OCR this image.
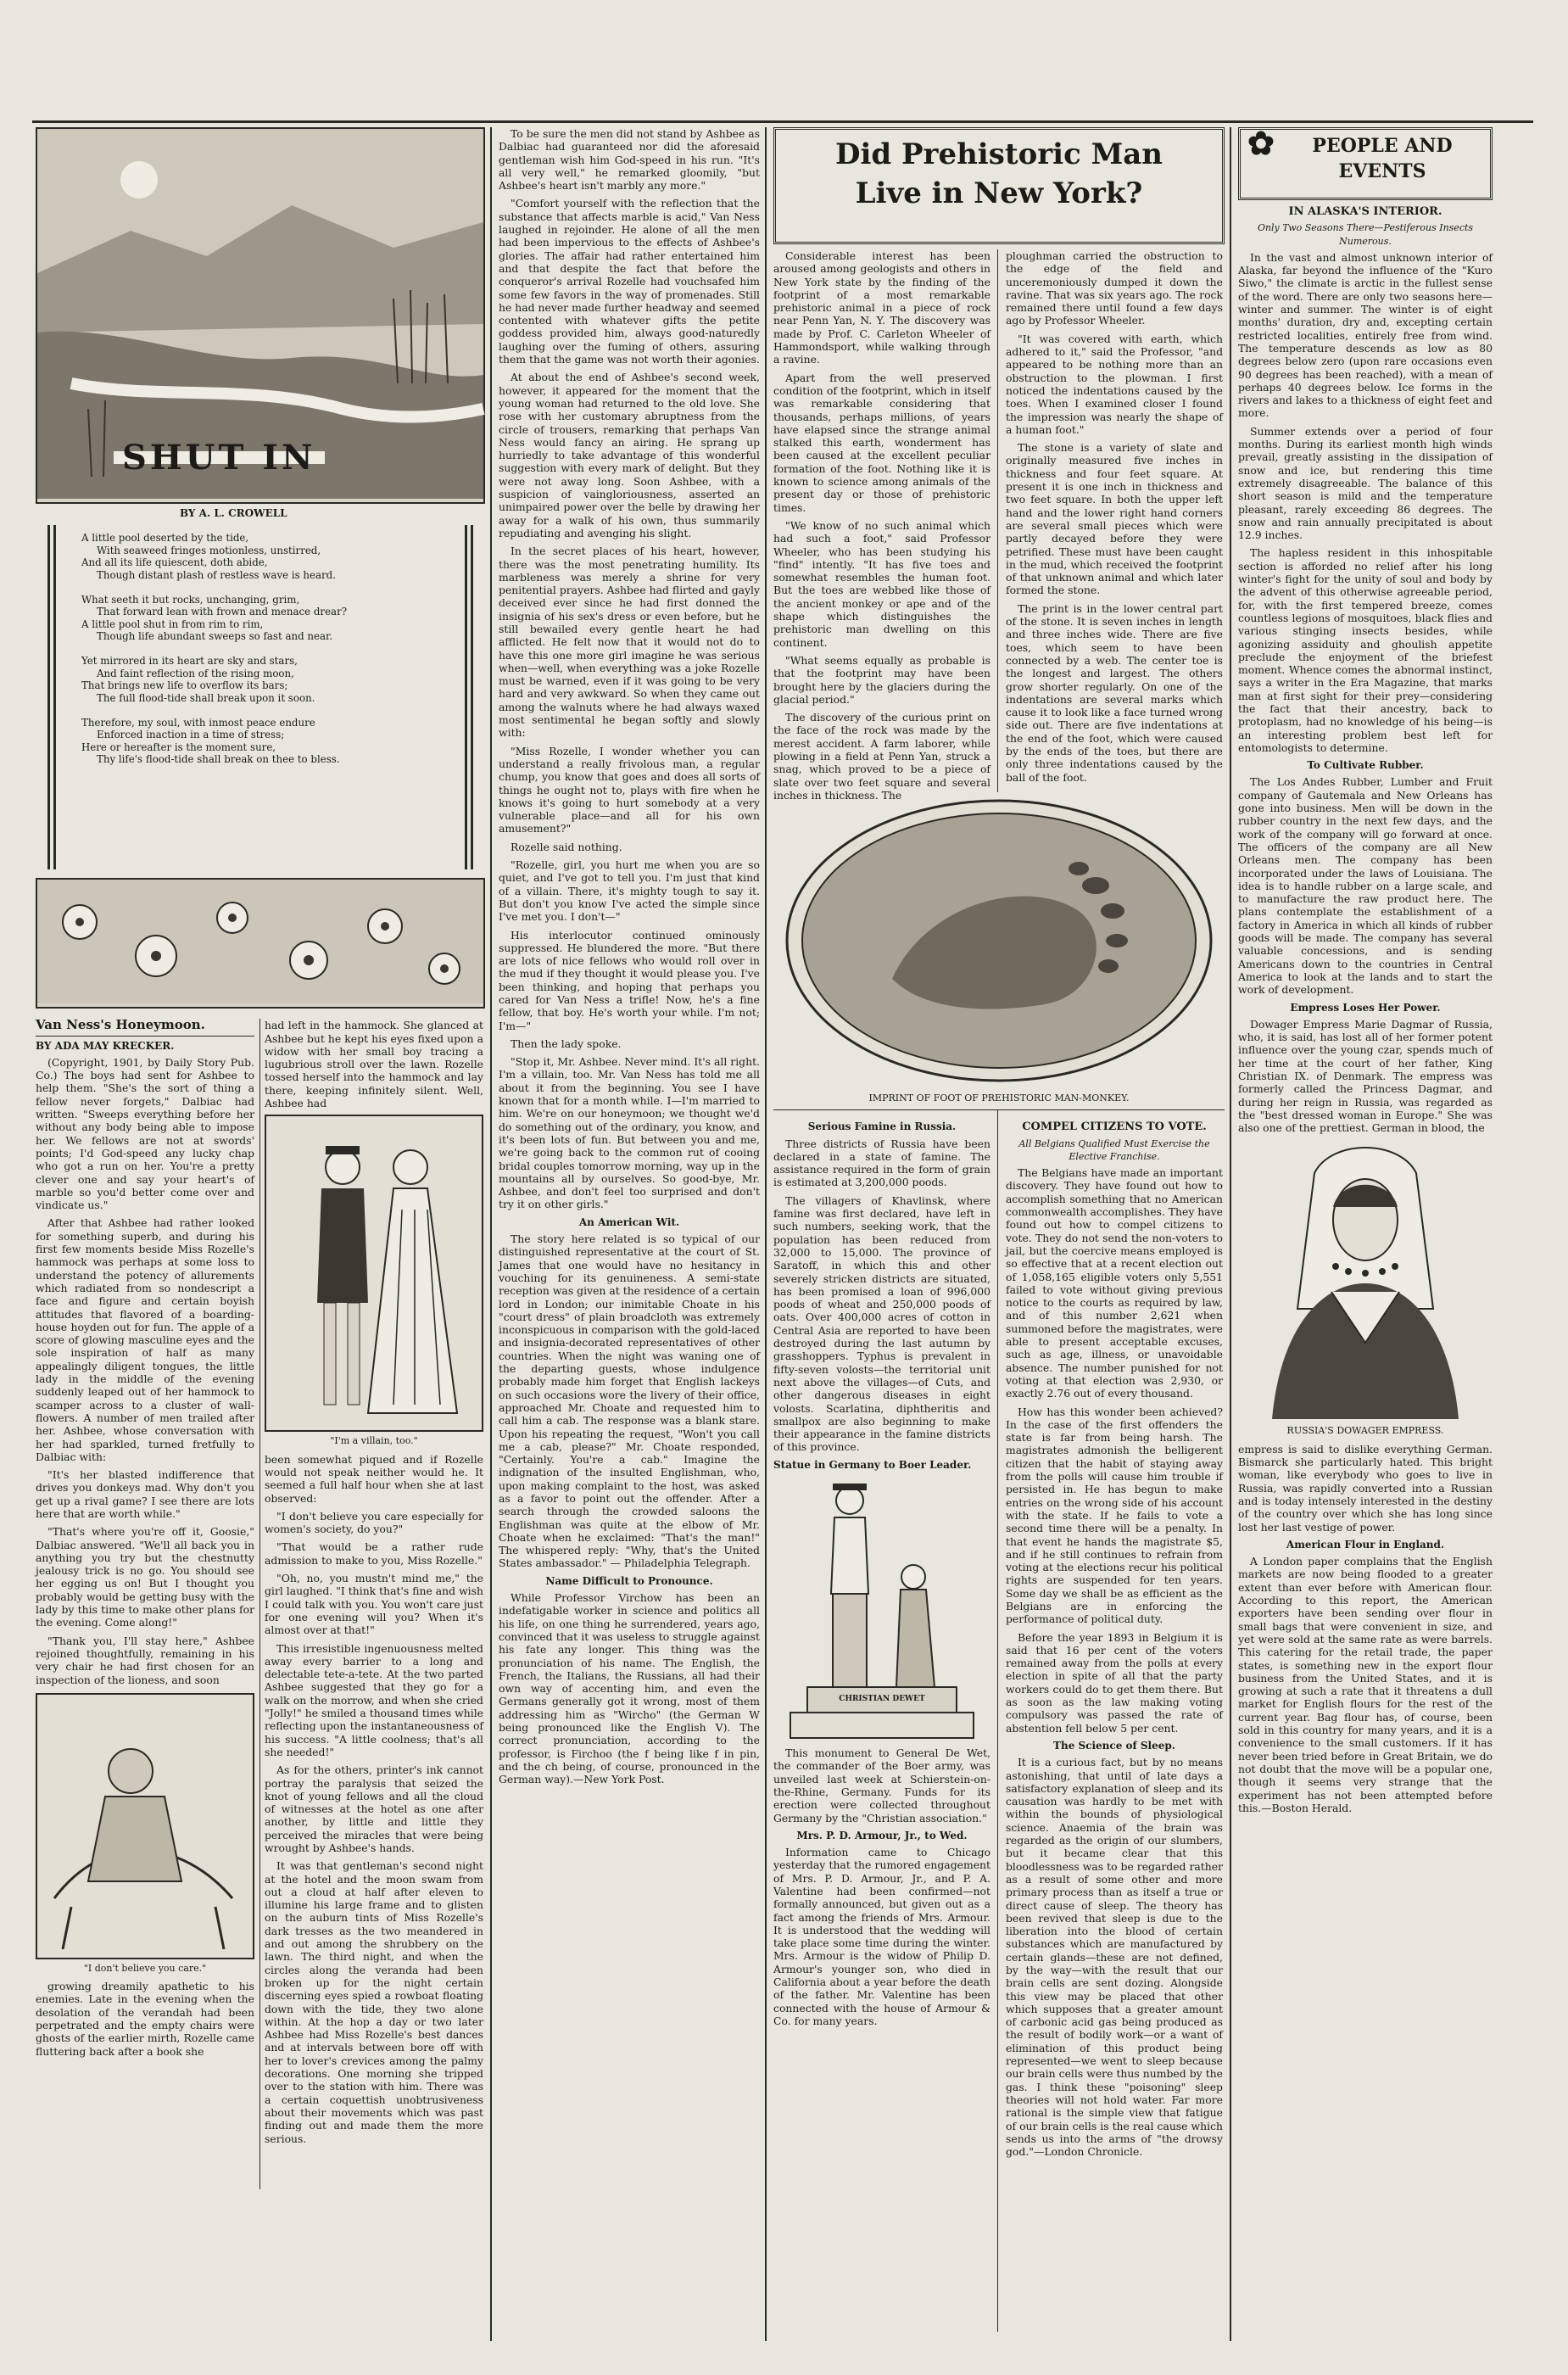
SHUT IN
BY A. L. CROWELL
A little pool deserted by the tide,
With seaweed fringes motionless, unstirred,
And all its life quiescent, doth abide,
Though distant plash of restless wave is heard.

What seeth it but rocks, unchanging, grim,
That forward lean with frown and menace drear?
A little pool shut in from rim to rim,
Though life abundant sweeps so fast and near.

Yet mirrored in its heart are sky and stars,
And faint reflection of the rising moon,
That brings new life to overflow its bars;
The full flood-tide shall break upon it soon.

Therefore, my soul, with inmost peace endure
Enforced inaction in a time of stress;
Here or hereafter is the moment sure,
Thy life's flood-tide shall break on thee to bless.
Van Ness's Honeymoon.
BY ADA MAY KRECKER.

(Copyright, 1901, by Daily Story Pub. Co.) The boys had sent for Ashbee to help them. "She's the sort of thing a fellow never forgets," Dalbiac had written. "Sweeps everything before her without any body being able to impose her. We fellows are not at swords' points; I'd God-speed any lucky chap who got a run on her. You're a pretty clever one and say your heart's of marble so you'd better come over and vindicate us."

After that Ashbee had rather looked for something superb, and during his first few moments beside Miss Rozelle's hammock was perhaps at some loss to understand the potency of allurements which radiated from so nondescript a face and figure and certain boyish attitudes that flavored of a boarding-house hoyden out for fun. The apple of a score of glowing masculine eyes and the sole inspiration of half as many appealingly diligent tongues, the little lady in the middle of the evening suddenly leaped out of her hammock to scamper across to a cluster of wall-flowers. A number of men trailed after her. Ashbee, whose conversation with her had sparkled, turned fretfully to Dalbiac with:

"It's her blasted indifference that drives you donkeys mad. Why don't you get up a rival game? I see there are lots here that are worth while."

"That's where you're off it, Goosie," Dalbiac answered. "We'll all back you in anything you try but the chestnutty jealousy trick is no go. You should see her egging us on! But I thought you probably would be getting busy with the lady by this time to make other plans for the evening. Come along!"

"Thank you, I'll stay here," Ashbee rejoined thoughtfully, remaining in his very chair he had first chosen for an inspection of the lioness, and soon

"I don't believe you care."

growing dreamily apathetic to his enemies. Late in the evening when the desolation of the verandah had been perpetrated and the empty chairs were ghosts of the earlier mirth, Rozelle came fluttering back after a book she

had left in the hammock. She glanced at Ashbee but he kept his eyes fixed upon a widow with her small boy tracing a lugubrious stroll over the lawn. Rozelle tossed herself into the hammock and lay there, keeping infinitely silent. Well, Ashbee had

"I'm a villain, too."

been somewhat piqued and if Rozelle would not speak neither would he. It seemed a full half hour when she at last observed:

"I don't believe you care especially for women's society, do you?"

"That would be a rather rude admission to make to you, Miss Rozelle."

"Oh, no, you mustn't mind me," the girl laughed. "I think that's fine and wish I could talk with you. You won't care just for one evening will you? When it's almost over at that!"

This irresistible ingenuousness melted away every barrier to a long and delectable tete-a-tete. At the two parted Ashbee suggested that they go for a walk on the morrow, and when she cried "Jolly!" he smiled a thousand times while reflecting upon the instantaneousness of his success. "A little coolness; that's all she needed!"

As for the others, printer's ink cannot portray the paralysis that seized the knot of young fellows and all the cloud of witnesses at the hotel as one after another, by little and little they perceived the miracles that were being wrought by Ashbee's hands.

It was that gentleman's second night at the hotel and the moon swam from out a cloud at half after eleven to illumine his large frame and to glisten on the auburn tints of Miss Rozelle's dark tresses as the two meandered in and out among the shrubbery on the lawn. The third night, and when the circles along the veranda had been broken up for the night certain discerning eyes spied a rowboat floating down with the tide, they two alone within. At the hop a day or two later Ashbee had Miss Rozelle's best dances and at intervals between bore off with her to lover's crevices among the palmy decorations. One morning she tripped over to the station with him. There was a certain coquettish unobtrusiveness about their movements which was past finding out and made them the more serious.

To be sure the men did not stand by Ashbee as Dalbiac had guaranteed nor did the aforesaid gentleman wish him God-speed in his run. "It's all very well," he remarked gloomily, "but Ashbee's heart isn't marbly any more."

"Comfort yourself with the reflection that the substance that affects marble is acid," Van Ness laughed in rejoinder. He alone of all the men had been impervious to the effects of Ashbee's glories. The affair had rather entertained him and that despite the fact that before the conqueror's arrival Rozelle had vouchsafed him some few favors in the way of promenades. Still he had never made further headway and seemed contented with whatever gifts the petite goddess provided him, always good-naturedly laughing over the fuming of others, assuring them that the game was not worth their agonies.

At about the end of Ashbee's second week, however, it appeared for the moment that the young woman had returned to the old love. She rose with her customary abruptness from the circle of trousers, remarking that perhaps Van Ness would fancy an airing. He sprang up hurriedly to take advantage of this wonderful suggestion with every mark of delight. But they were not away long. Soon Ashbee, with a suspicion of vaingloriousness, asserted an unimpaired power over the belle by drawing her away for a walk of his own, thus summarily repudiating and avenging his slight.

In the secret places of his heart, however, there was the most penetrating humility. Its marbleness was merely a shrine for very penitential prayers. Ashbee had flirted and gayly deceived ever since he had first donned the insignia of his sex's dress or even before, but he still bewailed every gentle heart he had afflicted. He felt now that it would not do to have this one more girl imagine he was serious when—well, when everything was a joke Rozelle must be warned, even if it was going to be very hard and very awkward. So when they came out among the walnuts where he had always waxed most sentimental he began softly and slowly with:

"Miss Rozelle, I wonder whether you can understand a really frivolous man, a regular chump, you know that goes and does all sorts of things he ought not to, plays with fire when he knows it's going to hurt somebody at a very vulnerable place—and all for his own amusement?"

Rozelle said nothing.

"Rozelle, girl, you hurt me when you are so quiet, and I've got to tell you. I'm just that kind of a villain. There, it's mighty tough to say it. But don't you know I've acted the simple since I've met you. I don't—"

His interlocutor continued ominously suppressed. He blundered the more. "But there are lots of nice fellows who would roll over in the mud if they thought it would please you. I've been thinking, and hoping that perhaps you cared for Van Ness a trifle! Now, he's a fine fellow, that boy. He's worth your while. I'm not; I'm—"

Then the lady spoke.

"Stop it, Mr. Ashbee. Never mind. It's all right. I'm a villain, too. Mr. Van Ness has told me all about it from the beginning. You see I have known that for a month while. I—I'm married to him. We're on our honeymoon; we thought we'd do something out of the ordinary, you know, and it's been lots of fun. But between you and me, we're going back to the common rut of cooing bridal couples tomorrow morning, way up in the mountains all by ourselves. So good-bye, Mr. Ashbee, and don't feel too surprised and don't try it on other girls."

An American Wit.

The story here related is so typical of our distinguished representative at the court of St. James that one would have no hesitancy in vouching for its genuineness. A semi-state reception was given at the residence of a certain lord in London; our inimitable Choate in his "court dress" of plain broadcloth was extremely inconspicuous in comparison with the gold-laced and insignia-decorated representatives of other countries. When the night was waning one of the departing guests, whose indulgence probably made him forget that English lackeys on such occasions wore the livery of their office, approached Mr. Choate and requested him to call him a cab. The response was a blank stare. Upon his repeating the request, "Won't you call me a cab, please?" Mr. Choate responded, "Certainly. You're a cab." Imagine the indignation of the insulted Englishman, who, upon making complaint to the host, was asked as a favor to point out the offender. After a search through the crowded saloons the Englishman was quite at the elbow of Mr. Choate when he exclaimed: "That's the man!" The whispered reply: "Why, that's the United States ambassador." — Philadelphia Telegraph.

Name Difficult to Pronounce.

While Professor Virchow has been an indefatigable worker in science and politics all his life, on one thing he surrendered, years ago, convinced that it was useless to struggle against his fate any longer. This thing was the pronunciation of his name. The English, the French, the Italians, the Russians, all had their own way of accenting him, and even the Germans generally got it wrong, most of them addressing him as "Wircho" (the German W being pronounced like the English V). The correct pronunciation, according to the professor, is Firchoo (the f being like f in pin, and the ch being, of course, pronounced in the German way).—New York Post.

Did Prehistoric Man
Live in New York?

Considerable interest has been aroused among geologists and others in New York state by the finding of the footprint of a most remarkable prehistoric animal in a piece of rock near Penn Yan, N. Y. The discovery was made by Prof. C. Carleton Wheeler of Hammondsport, while walking through a ravine.

Apart from the well preserved condition of the footprint, which in itself was remarkable considering that thousands, perhaps millions, of years have elapsed since the strange animal stalked this earth, wonderment has been caused at the excellent peculiar formation of the foot. Nothing like it is known to science among animals of the present day or those of prehistoric times.

"We know of no such animal which had such a foot," said Professor Wheeler, who has been studying his "find" intently. "It has five toes and somewhat resembles the human foot. But the toes are webbed like those of the ancient monkey or ape and of the shape which distinguishes the prehistoric man dwelling on this continent.

"What seems equally as probable is that the footprint may have been brought here by the glaciers during the glacial period."

The discovery of the curious print on the face of the rock was made by the merest accident. A farm laborer, while plowing in a field at Penn Yan, struck a snag, which proved to be a piece of slate over two feet square and several inches in thickness. The

ploughman carried the obstruction to the edge of the field and unceremoniously dumped it down the ravine. That was six years ago. The rock remained there until found a few days ago by Professor Wheeler.

"It was covered with earth, which adhered to it," said the Professor, "and appeared to be nothing more than an obstruction to the plowman. I first noticed the indentations caused by the toes. When I examined closer I found the impression was nearly the shape of a human foot."

The stone is a variety of slate and originally measured five inches in thickness and four feet square. At present it is one inch in thickness and two feet square. In both the upper left hand and the lower right hand corners are several small pieces which were partly decayed before they were petrified. These must have been caught in the mud, which received the footprint of that unknown animal and which later formed the stone.

The print is in the lower central part of the stone. It is seven inches in length and three inches wide. There are five toes, which seem to have been connected by a web. The center toe is the longest and largest. The others grow shorter regularly. On one of the indentations are several marks which cause it to look like a face turned wrong side out. There are five indentations at the end of the foot, which were caused by the ends of the toes, but there are only three indentations caused by the ball of the foot.

IMPRINT OF FOOT OF PREHISTORIC MAN-MONKEY.
Serious Famine in Russia.

Three districts of Russia have been declared in a state of famine. The assistance required in the form of grain is estimated at 3,200,000 poods.

The villagers of Khavlinsk, where famine was first declared, have left in such numbers, seeking work, that the population has been reduced from 32,000 to 15,000. The province of Saratoff, in which this and other severely stricken districts are situated, has been promised a loan of 996,000 poods of wheat and 250,000 poods of oats. Over 400,000 acres of cotton in Central Asia are reported to have been destroyed during the last autumn by grasshoppers. Typhus is prevalent in fifty-seven volosts—the territorial unit next above the villages—of Cuts, and other dangerous diseases in eight volosts. Scarlatina, diphtheritis and smallpox are also beginning to make their appearance in the famine districts of this province.

Statue in Germany to Boer Leader.
CHRISTIAN DEWET

This monument to General De Wet, the commander of the Boer army, was unveiled last week at Schierstein-on-the-Rhine, Germany. Funds for its erection were collected throughout Germany by the "Christian association."

Mrs. P. D. Armour, Jr., to Wed.

Information came to Chicago yesterday that the rumored engagement of Mrs. P. D. Armour, Jr., and P. A. Valentine had been confirmed—not formally announced, but given out as a fact among the friends of Mrs. Armour. It is understood that the wedding will take place some time during the winter. Mrs. Armour is the widow of Philip D. Armour's younger son, who died in California about a year before the death of the father. Mr. Valentine has been connected with the house of Armour & Co. for many years.

COMPEL CITIZENS TO VOTE.
All Belgians Qualified Must Exercise the Elective Franchise.

The Belgians have made an important discovery. They have found out how to accomplish something that no American commonwealth accomplishes. They have found out how to compel citizens to vote. They do not send the non-voters to jail, but the coercive means employed is so effective that at a recent election out of 1,058,165 eligible voters only 5,551 failed to vote without giving previous notice to the courts as required by law, and of this number 2,621 when summoned before the magistrates, were able to present acceptable excuses, such as age, illness, or unavoidable absence. The number punished for not voting at that election was 2,930, or exactly 2.76 out of every thousand.

How has this wonder been achieved? In the case of the first offenders the state is far from being harsh. The magistrates admonish the belligerent citizen that the habit of staying away from the polls will cause him trouble if persisted in. He has begun to make entries on the wrong side of his account with the state. If he fails to vote a second time there will be a penalty. In that event he hands the magistrate $5, and if he still continues to refrain from voting at the elections recur his political rights are suspended for ten years. Some day we shall be as efficient as the Belgians are in enforcing the performance of political duty.

Before the year 1893 in Belgium it is said that 16 per cent of the voters remained away from the polls at every election in spite of all that the party workers could do to get them there. But as soon as the law making voting compulsory was passed the rate of abstention fell below 5 per cent.

The Science of Sleep.

It is a curious fact, but by no means astonishing, that until of late days a satisfactory explanation of sleep and its causation was hardly to be met with within the bounds of physiological science. Anaemia of the brain was regarded as the origin of our slumbers, but it became clear that this bloodlessness was to be regarded rather as a result of some other and more primary process than as itself a true or direct cause of sleep. The theory has been revived that sleep is due to the liberation into the blood of certain substances which are manufactured by certain glands—these are not defined, by the way—with the result that our brain cells are sent dozing. Alongside this view may be placed that other which supposes that a greater amount of carbonic acid gas being produced as the result of bodily work—or a want of elimination of this product being represented—we went to sleep because our brain cells were thus numbed by the gas. I think these "poisoning" sleep theories will not hold water. Far more rational is the simple view that fatigue of our brain cells is the real cause which sends us into the arms of "the drowsy god."—London Chronicle.

✿	PEOPLE AND
EVENTS
IN ALASKA'S INTERIOR.
Only Two Seasons There—Pestiferous Insects Numerous.

In the vast and almost unknown interior of Alaska, far beyond the influence of the "Kuro Siwo," the climate is arctic in the fullest sense of the word. There are only two seasons here—winter and summer. The winter is of eight months' duration, dry and, excepting certain restricted localities, entirely free from wind. The temperature descends as low as 80 degrees below zero (upon rare occasions even 90 degrees has been reached), with a mean of perhaps 40 degrees below. Ice forms in the rivers and lakes to a thickness of eight feet and more.

Summer extends over a period of four months. During its earliest month high winds prevail, greatly assisting in the dissipation of snow and ice, but rendering this time extremely disagreeable. The balance of this short season is mild and the temperature pleasant, rarely exceeding 86 degrees. The snow and rain annually precipitated is about 12.9 inches.

The hapless resident in this inhospitable section is afforded no relief after his long winter's fight for the unity of soul and body by the advent of this otherwise agreeable period, for, with the first tempered breeze, comes countless legions of mosquitoes, black flies and various stinging insects besides, while agonizing assiduity and ghoulish appetite preclude the enjoyment of the briefest moment. Whence comes the abnormal instinct, says a writer in the Era Magazine, that marks man at first sight for their prey—considering the fact that their ancestry, back to protoplasm, had no knowledge of his being—is an interesting problem best left for entomologists to determine.

To Cultivate Rubber.

The Los Andes Rubber, Lumber and Fruit company of Gautemala and New Orleans has gone into business. Men will be down in the rubber country in the next few days, and the work of the company will go forward at once. The officers of the company are all New Orleans men. The company has been incorporated under the laws of Louisiana. The idea is to handle rubber on a large scale, and to manufacture the raw product here. The plans contemplate the establishment of a factory in America in which all kinds of rubber goods will be made. The company has several valuable concessions, and is sending Americans down to the countries in Central America to look at the lands and to start the work of development.

Empress Loses Her Power.

Dowager Empress Marie Dagmar of Russia, who, it is said, has lost all of her former potent influence over the young czar, spends much of her time at the court of her father, King Christian IX. of Denmark. The empress was formerly called the Princess Dagmar, and during her reign in Russia, was regarded as the "best dressed woman in Europe." She was also one of the prettiest. German in blood, the

RUSSIA'S DOWAGER EMPRESS.

empress is said to dislike everything German. Bismarck she particularly hated. This bright woman, like everybody who goes to live in Russia, was rapidly converted into a Russian and is today intensely interested in the destiny of the country over which she has long since lost her last vestige of power.

American Flour in England.

A London paper complains that the English markets are now being flooded to a greater extent than ever before with American flour. According to this report, the American exporters have been sending over flour in small bags that were convenient in size, and yet were sold at the same rate as were barrels. This catering for the retail trade, the paper states, is something new in the export flour business from the United States, and it is growing at such a rate that it threatens a dull market for English flours for the rest of the current year. Bag flour has, of course, been sold in this country for many years, and it is a convenience to the small customers. If it has never been tried before in Great Britain, we do not doubt that the move will be a popular one, though it seems very strange that the experiment has not been attempted before this.—Boston Herald.
